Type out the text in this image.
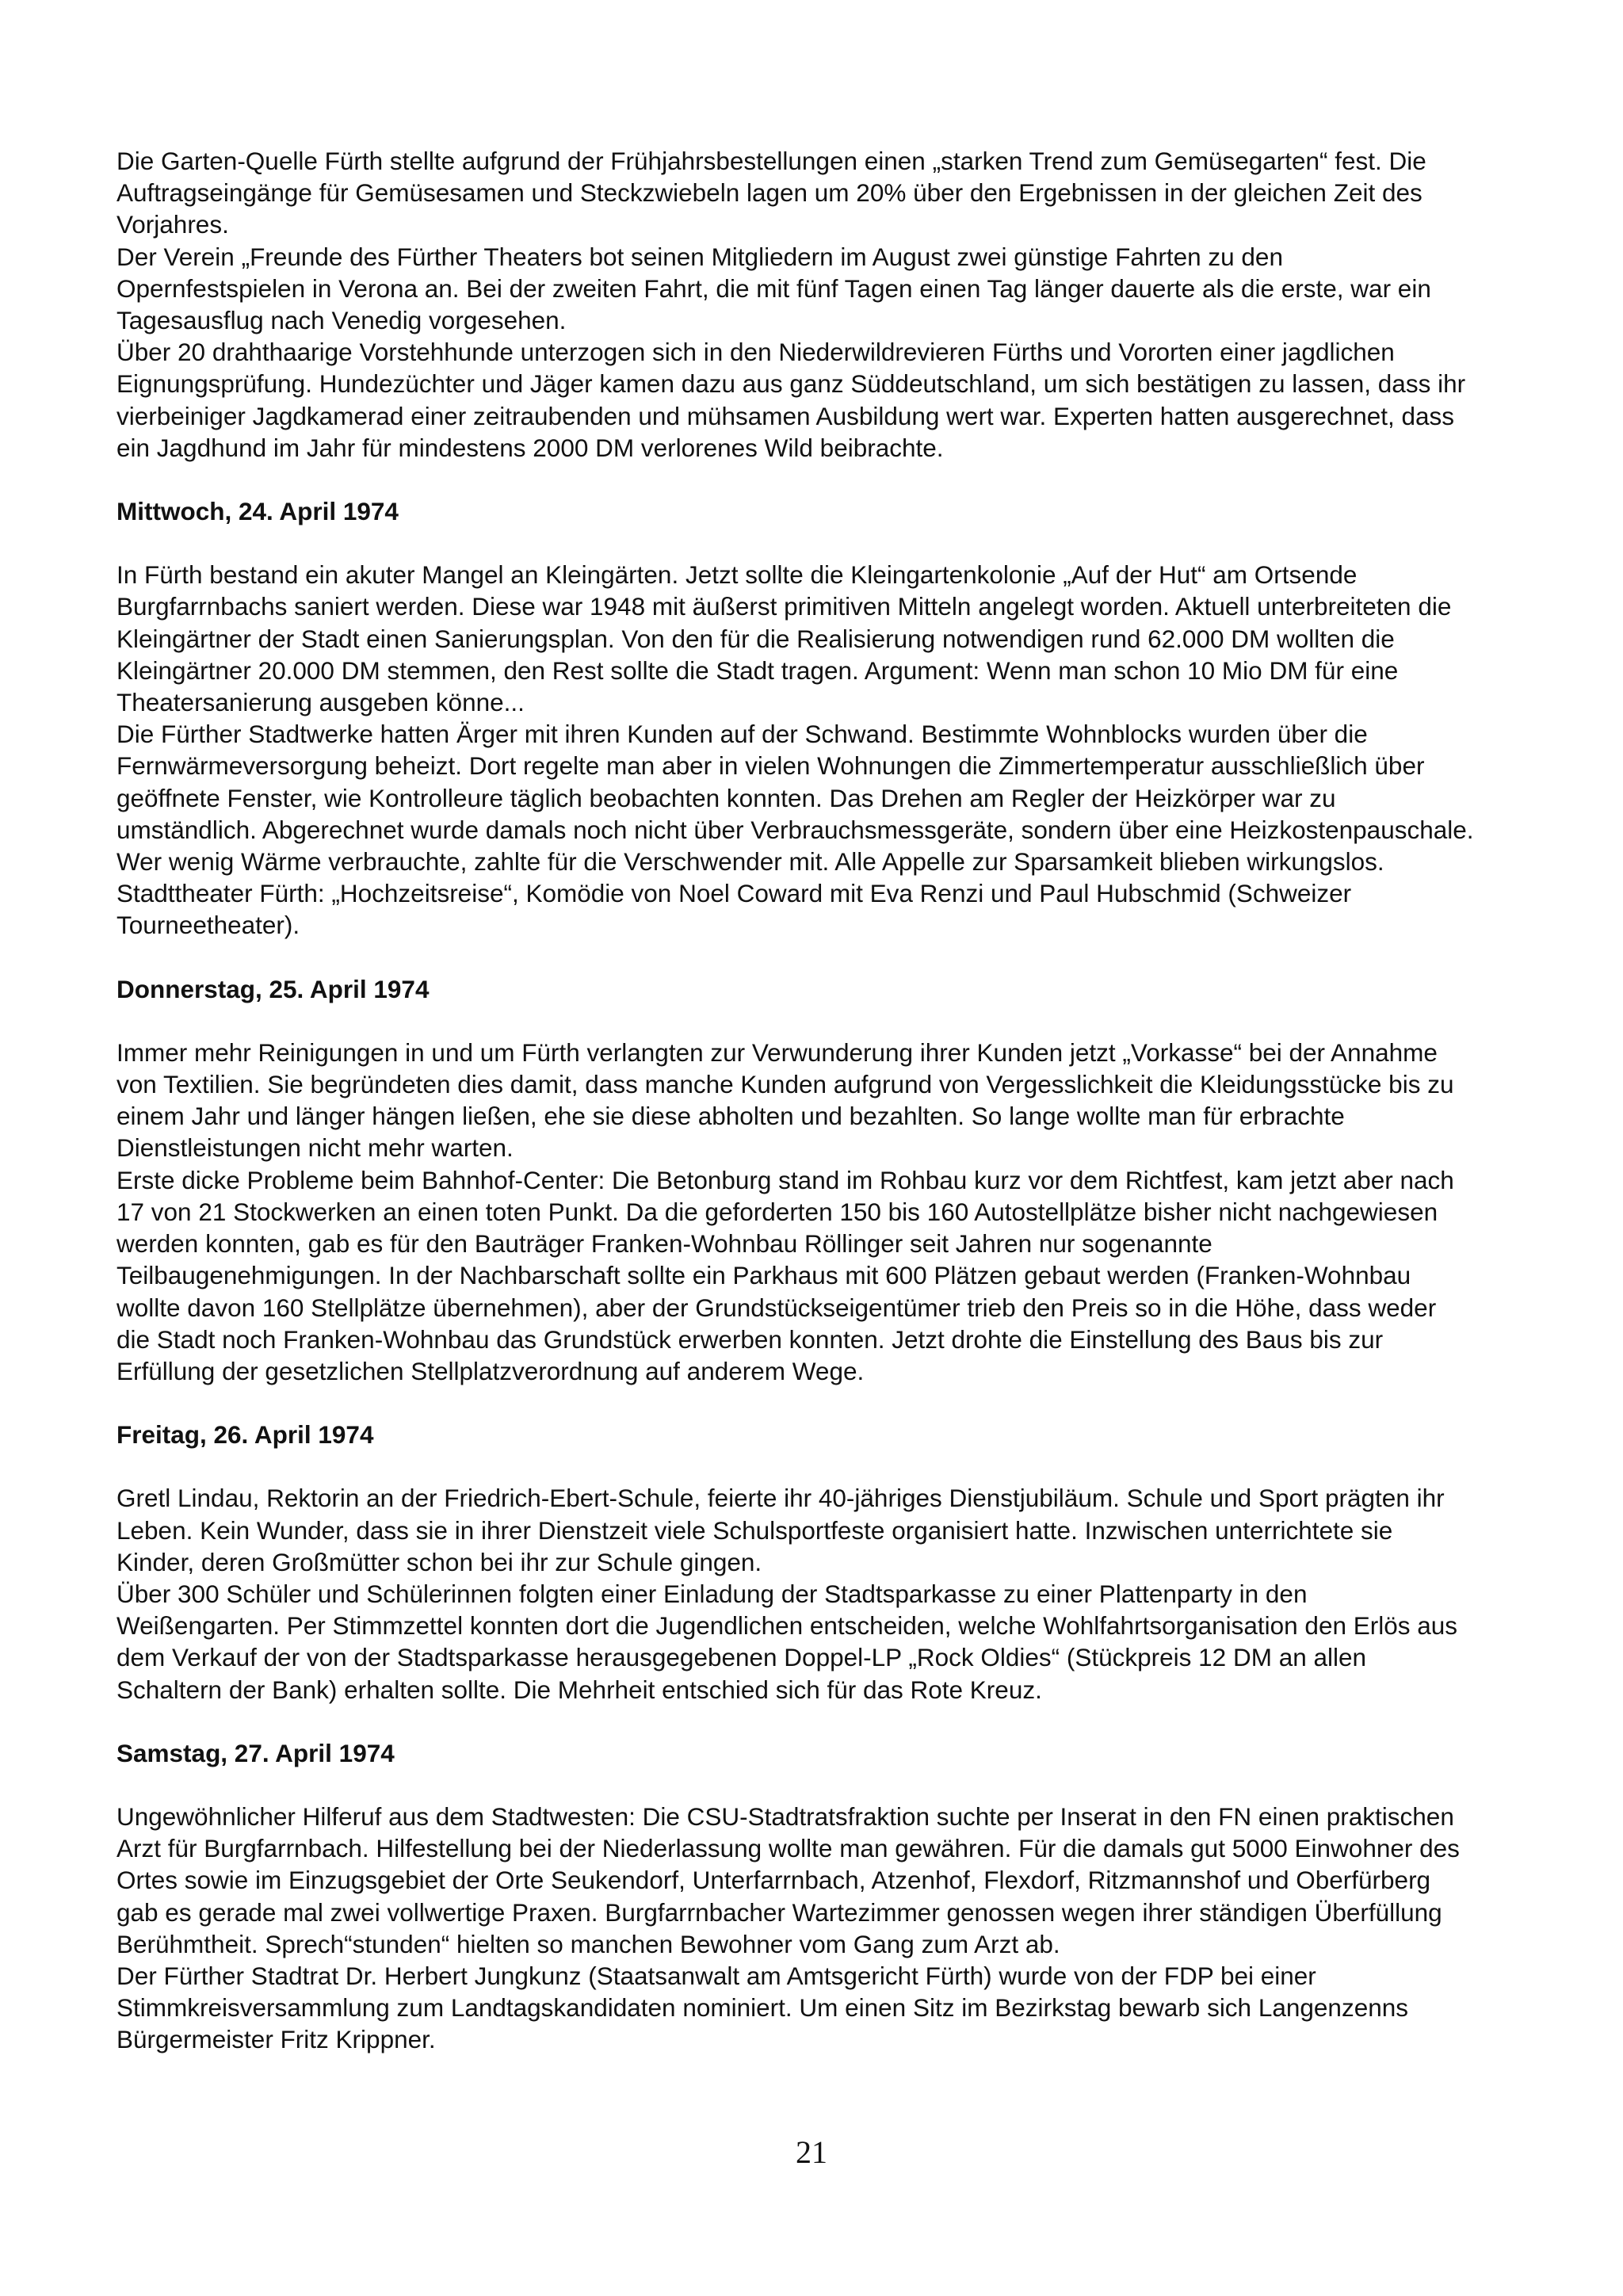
Die Garten-Quelle Fürth stellte aufgrund der Frühjahrsbestellungen einen „starken Trend zum Gemüsegarten“ fest. Die Auftragseingänge für Gemüsesamen und Steckzwiebeln lagen um 20% über den Ergebnissen in der gleichen Zeit des Vorjahres.

Der Verein „Freunde des Fürther Theaters bot seinen Mitgliedern im August zwei günstige Fahrten zu den Opernfestspielen in Verona an. Bei der zweiten Fahrt, die mit fünf Tagen einen Tag länger dauerte als die erste, war ein Tagesausflug nach Venedig vorgesehen.

Über 20 drahthaarige Vorstehhunde unterzogen sich in den Niederwildrevieren Fürths und Vororten einer jagdlichen Eignungsprüfung. Hundezüchter und Jäger kamen dazu aus ganz Süddeutschland, um sich bestätigen zu lassen, dass ihr vierbeiniger Jagdkamerad einer zeitraubenden und mühsamen Ausbildung wert war. Experten hatten ausgerechnet, dass ein Jagdhund im Jahr für mindestens 2000 DM verlorenes Wild beibrachte.

Mittwoch, 24. April 1974

In Fürth bestand ein akuter Mangel an Kleingärten. Jetzt sollte die Kleingartenkolonie „Auf der Hut“ am Ortsende Burgfarrnbachs saniert werden. Diese war 1948 mit äußerst primitiven Mitteln angelegt worden. Aktuell unterbreiteten die Kleingärtner der Stadt einen Sanierungsplan. Von den für die Realisierung notwendigen rund 62.000 DM wollten die Kleingärtner 20.000 DM stemmen, den Rest sollte die Stadt tragen. Argument: Wenn man schon 10 Mio DM für eine Theatersanierung ausgeben könne...

Die Fürther Stadtwerke hatten Ärger mit ihren Kunden auf der Schwand. Bestimmte Wohnblocks wurden über die Fernwärmeversorgung beheizt. Dort regelte man aber in vielen Wohnungen die Zimmertemperatur ausschließlich über geöffnete Fenster, wie Kontrolleure täglich beobachten konnten. Das Drehen am Regler der Heizkörper war zu umständlich. Abgerechnet wurde damals noch nicht über Verbrauchsmessgeräte, sondern über eine Heizkostenpauschale. Wer wenig Wärme verbrauchte, zahlte für die Verschwender mit. Alle Appelle zur Sparsamkeit blieben wirkungslos.

Stadttheater Fürth: „Hochzeitsreise“, Komödie von Noel Coward mit Eva Renzi und Paul Hubschmid (Schweizer Tourneetheater).

Donnerstag, 25. April 1974

Immer mehr Reinigungen in und um Fürth verlangten zur Verwunderung ihrer Kunden jetzt „Vorkasse“ bei der Annahme von Textilien. Sie begründeten dies damit, dass manche Kunden aufgrund von Vergesslichkeit die Kleidungsstücke bis zu einem Jahr und länger hängen ließen, ehe sie diese abholten und bezahlten. So lange wollte man für erbrachte Dienstleistungen nicht mehr warten.

Erste dicke Probleme beim Bahnhof-Center: Die Betonburg stand im Rohbau kurz vor dem Richtfest, kam jetzt aber nach 17 von 21 Stockwerken an einen toten Punkt. Da die geforderten 150 bis 160 Autostellplätze bisher nicht nachgewiesen werden konnten, gab es für den Bauträger Franken-Wohnbau Röllinger seit Jahren nur sogenannte Teilbaugenehmigungen. In der Nachbarschaft sollte ein Parkhaus mit 600 Plätzen gebaut werden (Franken-Wohnbau wollte davon 160 Stellplätze übernehmen), aber der Grundstückseigentümer trieb den Preis so in die Höhe, dass weder die Stadt noch Franken-Wohnbau das Grundstück erwerben konnten. Jetzt drohte die Einstellung des Baus bis zur Erfüllung der gesetzlichen Stellplatzverordnung auf anderem Wege.

Freitag, 26. April 1974

Gretl Lindau, Rektorin an der Friedrich-Ebert-Schule, feierte ihr 40-jähriges Dienstjubiläum. Schule und Sport prägten ihr Leben. Kein Wunder, dass sie in ihrer Dienstzeit viele Schulsportfeste organisiert hatte. Inzwischen unterrichtete sie Kinder, deren Großmütter schon bei ihr zur Schule gingen.

Über 300 Schüler und Schülerinnen folgten einer Einladung der Stadtsparkasse zu einer Plattenparty in den Weißengarten. Per Stimmzettel konnten dort die Jugendlichen entscheiden, welche Wohlfahrtsorganisation den Erlös aus dem Verkauf der von der Stadtsparkasse herausgegebenen Doppel-LP „Rock Oldies“ (Stückpreis 12 DM an allen Schaltern der Bank) erhalten sollte. Die Mehrheit entschied sich für das Rote Kreuz.

Samstag, 27. April 1974

Ungewöhnlicher Hilferuf aus dem Stadtwesten: Die CSU-Stadtratsfraktion suchte per Inserat in den FN einen praktischen Arzt für Burgfarrnbach. Hilfestellung bei der Niederlassung wollte man gewähren. Für die damals gut 5000 Einwohner des Ortes sowie im Einzugsgebiet der Orte Seukendorf, Unterfarrnbach, Atzenhof, Flexdorf, Ritzmannshof und Oberfürberg gab es gerade mal zwei vollwertige Praxen. Burgfarrnbacher Wartezimmer genossen wegen ihrer ständigen Überfüllung Berühmtheit. Sprech“stunden“ hielten so manchen Bewohner vom Gang zum Arzt ab.

Der Fürther Stadtrat Dr. Herbert Jungkunz (Staatsanwalt am Amtsgericht Fürth) wurde von der FDP bei einer Stimmkreisversammlung zum Landtagskandidaten nominiert. Um einen Sitz im Bezirkstag bewarb sich Langenzenns Bürgermeister Fritz Krippner.

21
